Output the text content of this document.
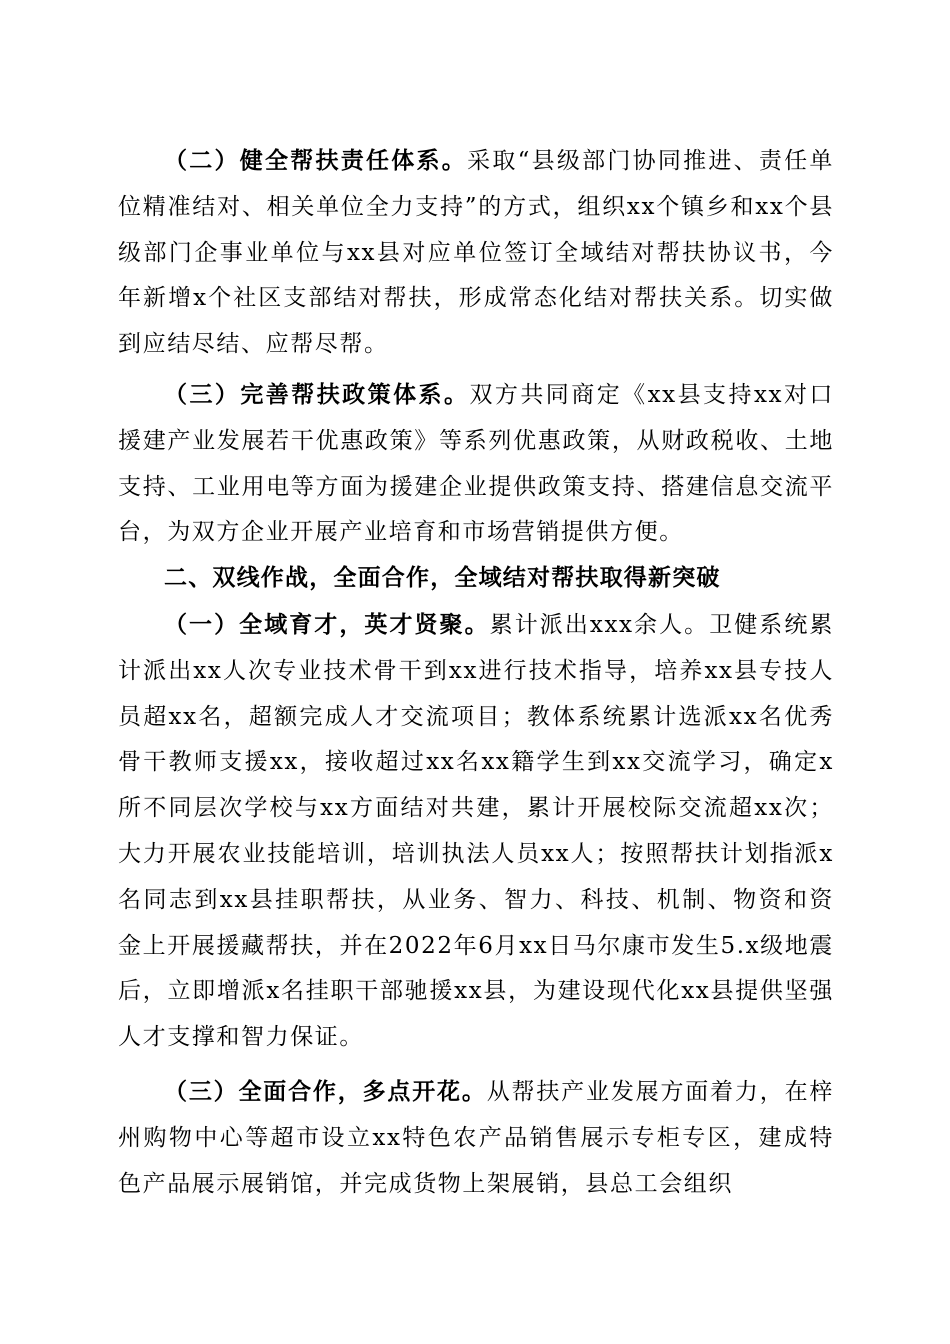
（二）健全帮扶责任体系。采取“县级部门协同推进、责任单位精准结对、相关单位全力支持”的方式，组织xx个镇乡和xx个县级部门企事业单位与xx县对应单位签订全域结对帮扶协议书，今年新增x个社区支部结对帮扶，形成常态化结对帮扶关系。切实做到应结尽结、应帮尽帮。

（三）完善帮扶政策体系。双方共同商定《xx县支持xx对口援建产业发展若干优惠政策》等系列优惠政策，从财政税收、土地支持、工业用电等方面为援建企业提供政策支持、搭建信息交流平台，为双方企业开展产业培育和市场营销提供方便。

二、双线作战，全面合作，全域结对帮扶取得新突破

（一）全域育才，英才贤聚。累计派出xxx余人。卫健系统累计派出xx人次专业技术骨干到xx进行技术指导，培养xx县专技人员超xx名，超额完成人才交流项目；教体系统累计选派xx名优秀骨干教师支援xx，接收超过xx名xx籍学生到xx交流学习，确定x所不同层次学校与xx方面结对共建，累计开展校际交流超xx次；大力开展农业技能培训，培训执法人员xx人；按照帮扶计划指派x名同志到xx县挂职帮扶，从业务、智力、科技、机制、物资和资金上开展援藏帮扶，并在2022年6月xx日马尔康市发生5.x级地震后，立即增派x名挂职干部驰援xx县，为建设现代化xx县提供坚强人才支撑和智力保证。

（三）全面合作，多点开花。从帮扶产业发展方面着力，在梓州购物中心等超市设立xx特色农产品销售展示专柜专区，建成特色产品展示展销馆，并完成货物上架展销，县总工会组织
